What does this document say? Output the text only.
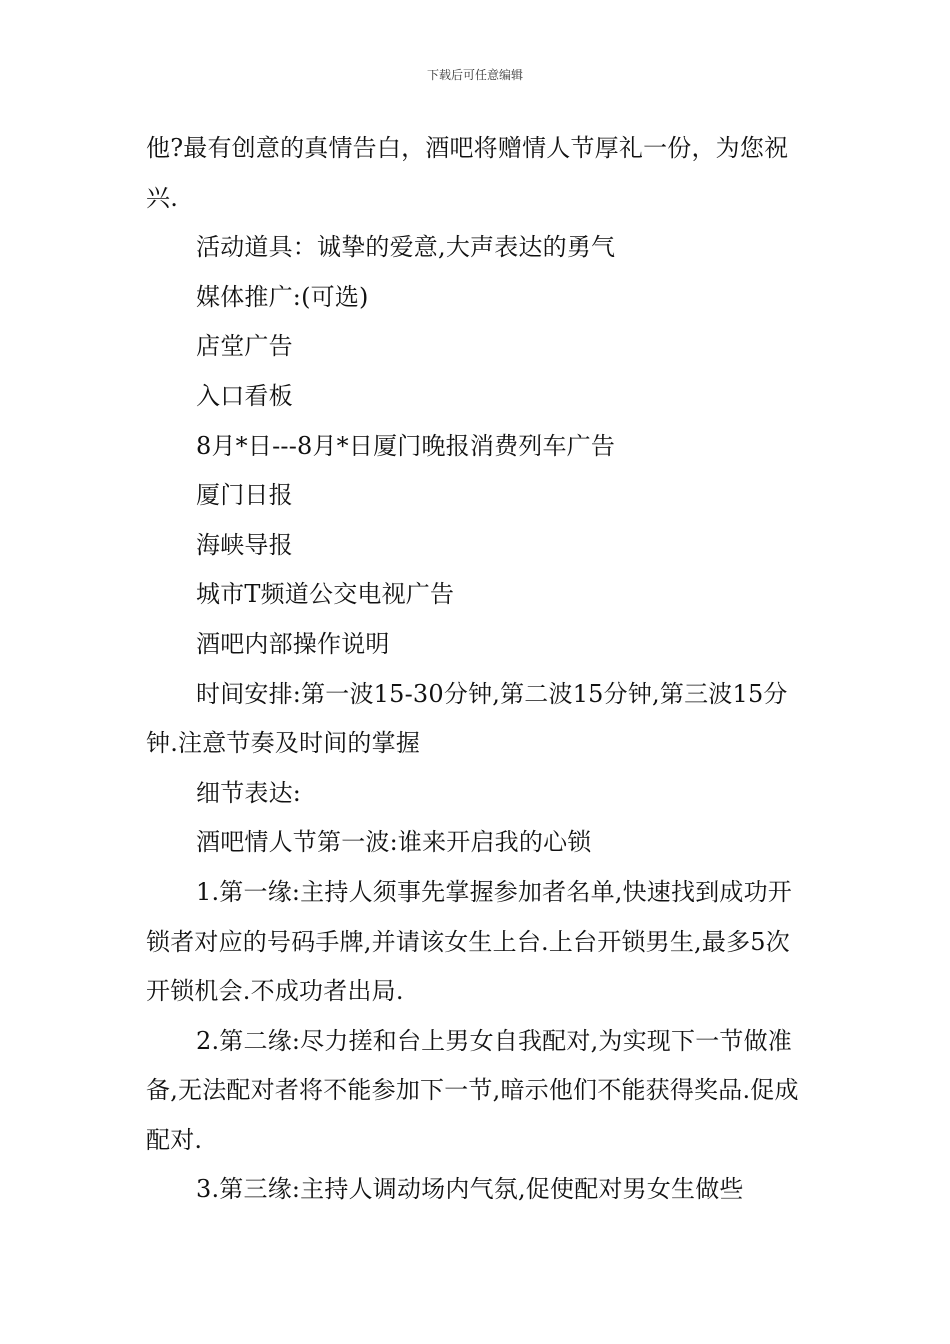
下载后可任意编辑

他?最有创意的真情告白，酒吧将赠情人节厚礼一份，为您祝兴.

活动道具：诚挚的爱意,大声表达的勇气

媒体推广:(可选)

店堂广告

入口看板

8月*日---8月*日厦门晚报消费列车广告

厦门日报

海峡导报

城市T频道公交电视广告

酒吧内部操作说明

时间安排:第一波15-30分钟,第二波15分钟,第三波15分钟.注意节奏及时间的掌握

细节表达:

酒吧情人节第一波:谁来开启我的心锁

1.第一缘:主持人须事先掌握参加者名单,快速找到成功开锁者对应的号码手牌,并请该女生上台.上台开锁男生,最多5次开锁机会.不成功者出局.

2.第二缘:尽力搓和台上男女自我配对,为实现下一节做准备,无法配对者将不能参加下一节,暗示他们不能获得奖品.促成配对.

3.第三缘:主持人调动场内气氛,促使配对男女生做些
